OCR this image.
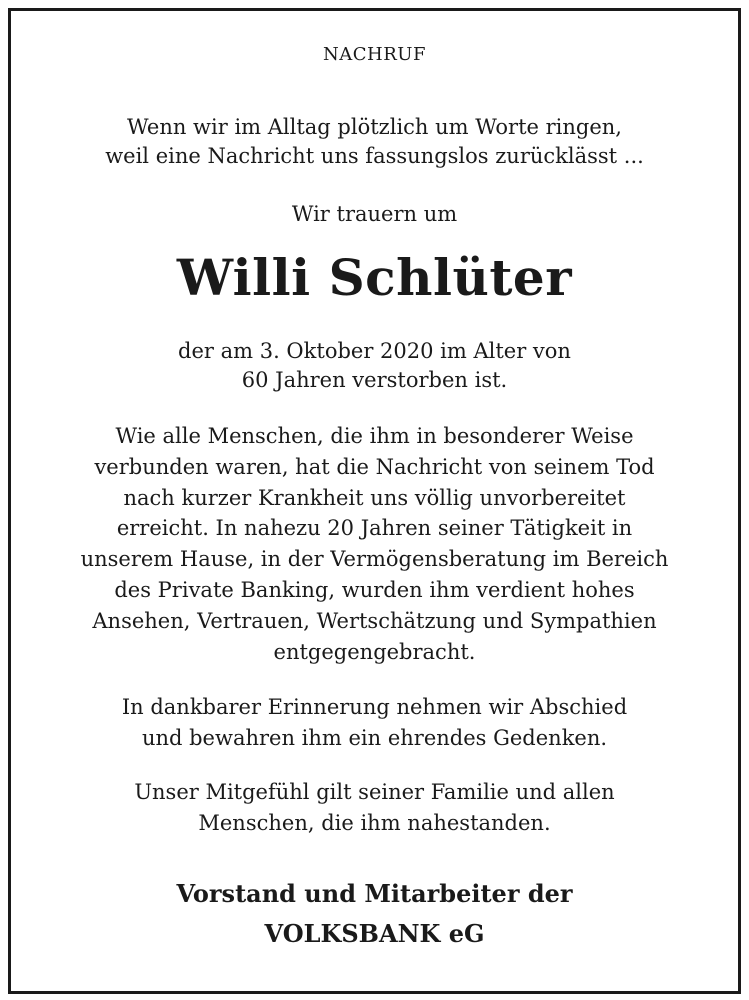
NACHRUF
Wenn wir im Alltag plötzlich um Worte ringen,
weil eine Nachricht uns fassungslos zurücklässt ...
Wir trauern um
Willi Schlüter
der am 3. Oktober 2020 im Alter von
60 Jahren verstorben ist.
Wie alle Menschen, die ihm in besonderer Weise
verbunden waren, hat die Nachricht von seinem Tod
nach kurzer Krankheit uns völlig unvorbereitet
erreicht. In nahezu 20 Jahren seiner Tätigkeit in
unserem Hause, in der Vermögensberatung im Bereich
des Private Banking, wurden ihm verdient hohes
Ansehen, Vertrauen, Wertschätzung und Sympathien
entgegengebracht.
In dankbarer Erinnerung nehmen wir Abschied
und bewahren ihm ein ehrendes Gedenken.
Unser Mitgefühl gilt seiner Familie und allen
Menschen, die ihm nahestanden.
Vorstand und Mitarbeiter der
VOLKSBANK eG
